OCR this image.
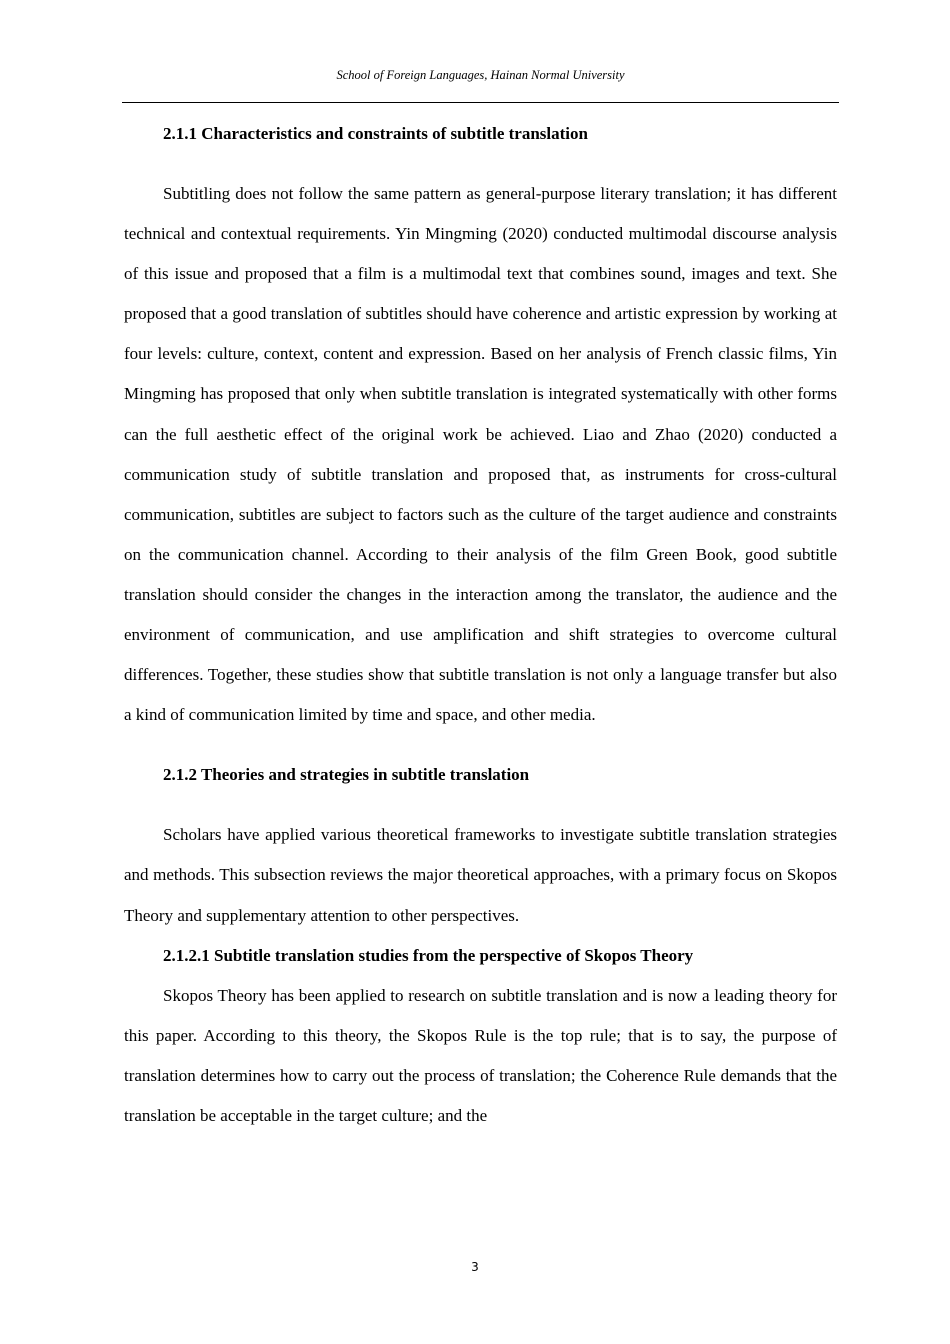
School of Foreign Languages, Hainan Normal University
2.1.1 Characteristics and constraints of subtitle translation

Subtitling does not follow the same pattern as general-purpose literary translation; it has different technical and contextual requirements. Yin Mingming (2020) conducted multimodal discourse analysis of this issue and proposed that a film is a multimodal text that combines sound, images and text. She proposed that a good translation of subtitles should have coherence and artistic expression by working at four levels: culture, context, content and expression. Based on her analysis of French classic films, Yin Mingming has proposed that only when subtitle translation is integrated systematically with other forms can the full aesthetic effect of the original work be achieved. Liao and Zhao (2020) conducted a communication study of subtitle translation and proposed that, as instruments for cross-cultural communication, subtitles are subject to factors such as the culture of the target audience and constraints on the communication channel. According to their analysis of the film Green Book, good subtitle translation should consider the changes in the interaction among the translator, the audience and the environment of communication, and use amplification and shift strategies to overcome cultural differences. Together, these studies show that subtitle translation is not only a language transfer but also a kind of communication limited by time and space, and other media.

2.1.2 Theories and strategies in subtitle translation

Scholars have applied various theoretical frameworks to investigate subtitle translation strategies and methods. This subsection reviews the major theoretical approaches, with a primary focus on Skopos Theory and supplementary attention to other perspectives.

2.1.2.1 Subtitle translation studies from the perspective of Skopos Theory

Skopos Theory has been applied to research on subtitle translation and is now a leading theory for this paper. According to this theory, the Skopos Rule is the top rule; that is to say, the purpose of translation determines how to carry out the process of translation; the Coherence Rule demands that the translation be acceptable in the target culture; and the

3
